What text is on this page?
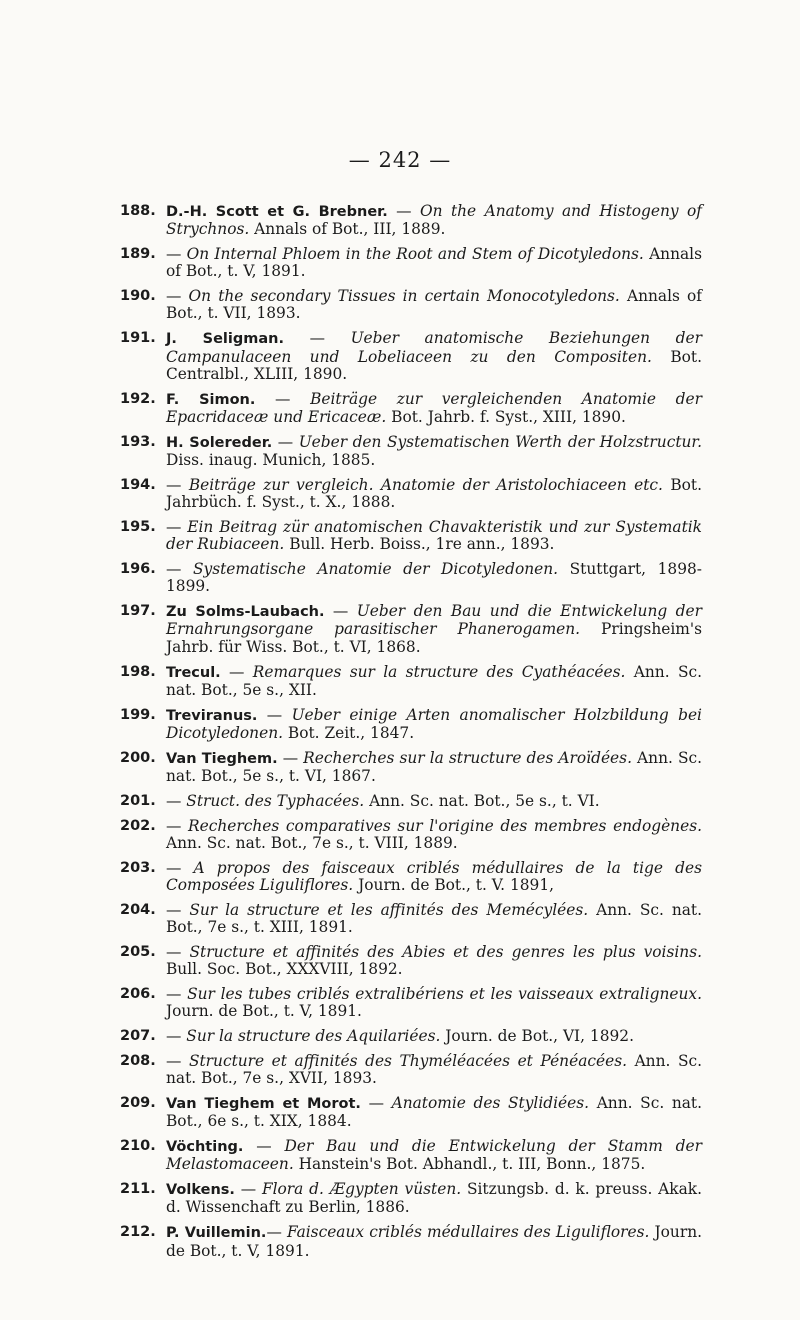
— 242 —

188. D.-H. Scott et G. Brebner. — On the Anatomy and Histogeny of Strychnos. Annals of Bot., III, 1889.

189. — On Internal Phloem in the Root and Stem of Dicotyledons. Annals of Bot., t. V, 1891.

190. — On the secondary Tissues in certain Monocotyledons. Annals of Bot., t. VII, 1893.

191. J. Seligman. — Ueber anatomische Beziehungen der Campanulaceen und Lobeliaceen zu den Compositen. Bot. Centralbl., XLIII, 1890.

192. F. Simon. — Beiträge zur vergleichenden Anatomie der Epacridaceæ und Ericaceæ. Bot. Jahrb. f. Syst., XIII, 1890.

193. H. Solereder. — Ueber den Systematischen Werth der Holzstructur. Diss. inaug. Munich, 1885.

194. — Beiträge zur vergleich. Anatomie der Aristolochiaceen etc. Bot. Jahrbüch. f. Syst., t. X., 1888.

195. — Ein Beitrag zür anatomischen Chavakteristik und zur Systematik der Rubiaceen. Bull. Herb. Boiss., 1re ann., 1893.

196. — Systematische Anatomie der Dicotyledonen. Stuttgart, 1898-1899.

197. Zu Solms-Laubach. — Ueber den Bau und die Entwickelung der Ernahrungsorgane parasitischer Phanerogamen. Pringsheim's Jahrb. für Wiss. Bot., t. VI, 1868.

198. Trecul. — Remarques sur la structure des Cyathéacées. Ann. Sc. nat. Bot., 5e s., XII.

199. Treviranus. — Ueber einige Arten anomalischer Holzbildung bei Dicotyledonen. Bot. Zeit., 1847.

200. Van Tieghem. — Recherches sur la structure des Aroïdées. Ann. Sc. nat. Bot., 5e s., t. VI, 1867.

201. — Struct. des Typhacées. Ann. Sc. nat. Bot., 5e s., t. VI.

202. — Recherches comparatives sur l'origine des membres endogènes. Ann. Sc. nat. Bot., 7e s., t. VIII, 1889.

203. — A propos des faisceaux criblés médullaires de la tige des Composées Liguliflores. Journ. de Bot., t. V. 1891,

204. — Sur la structure et les affinités des Memécylées. Ann. Sc. nat. Bot., 7e s., t. XIII, 1891.

205. — Structure et affinités des Abies et des genres les plus voisins. Bull. Soc. Bot., XXXVIII, 1892.

206. — Sur les tubes criblés extralibériens et les vaisseaux extraligneux. Journ. de Bot., t. V, 1891.

207. — Sur la structure des Aquilariées. Journ. de Bot., VI, 1892.

208. — Structure et affinités des Thyméléacées et Pénéacées. Ann. Sc. nat. Bot., 7e s., XVII, 1893.

209. Van Tieghem et Morot. — Anatomie des Stylidiées. Ann. Sc. nat. Bot., 6e s., t. XIX, 1884.

210. Vöchting. — Der Bau und die Entwickelung der Stamm der Melastomaceen. Hanstein's Bot. Abhandl., t. III, Bonn., 1875.

211. Volkens. — Flora d. Ægypten vüsten. Sitzungsb. d. k. preuss. Akak. d. Wissenchaft zu Berlin, 1886.

212. P. Vuillemin.— Faisceaux criblés médullaires des Liguliflores. Journ. de Bot., t. V, 1891.
